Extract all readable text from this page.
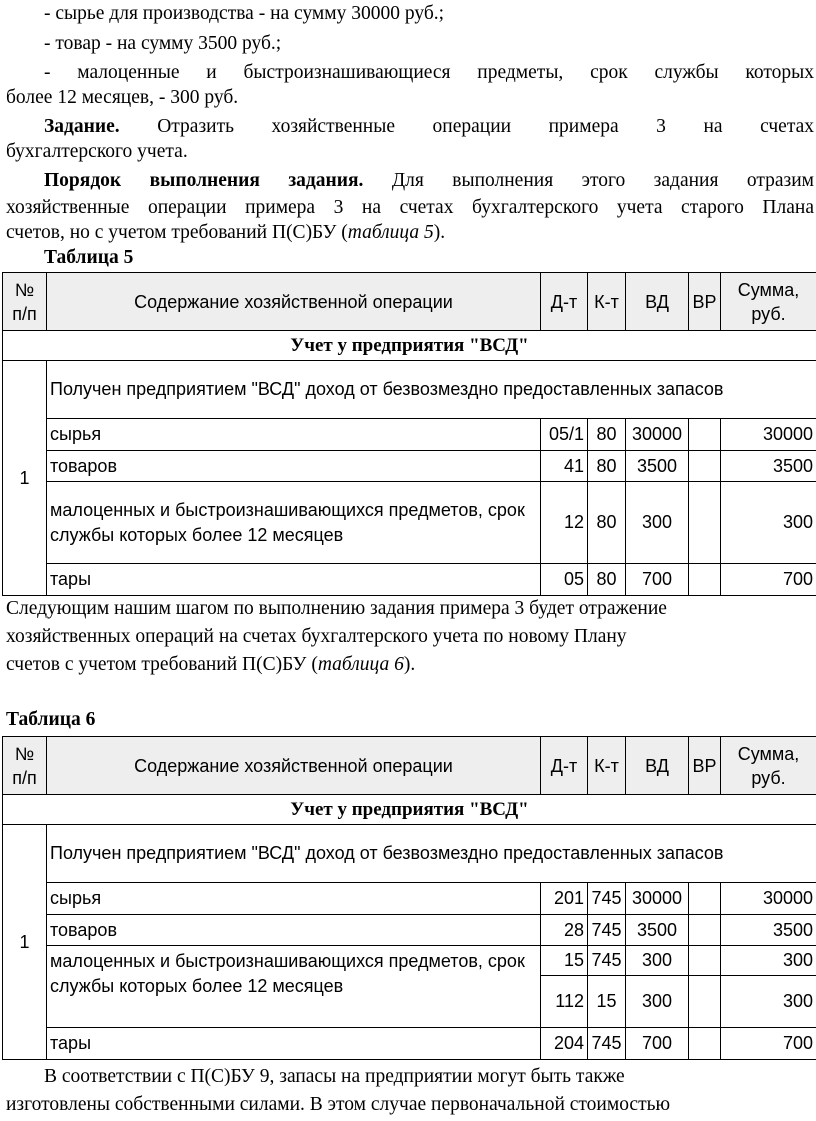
- сырье для производства - на сумму 30000 руб.;
- товар - на сумму 3500 руб.;
- малоценные и быстроизнашивающиеся предметы, срок службы которых
более 12 месяцев, - 300 руб.
Задание. Отразить хозяйственные операции примера 3 на счетах
бухгалтерского учета.
Порядок выполнения задания. Для выполнения этого задания отразим
хозяйственные операции примера 3 на счетах бухгалтерского учета старого Плана
счетов, но с учетом требований П(С)БУ (таблица 5).
Таблица 5
№ п/п	Содержание хозяйственной операции	Д-т	К-т	ВД	ВР	Сумма, руб.
Учет у предприятия "ВСД"						
1	Получен предприятием "ВСД" доход от безвозмездно предоставленных запасов					
	сырья	05/1	80	30000		30000
	товаров	41	80	3500		3500
	малоценных и быстроизнашивающихся предметов, срок службы которых более 12 месяцев	12	80	300		300
	тары	05	80	700		700
Следующим нашим шагом по выполнению задания примера 3 будет отражение
хозяйственных операций на счетах бухгалтерского учета по новому Плану
счетов с учетом требований П(С)БУ (таблица 6).
Таблица 6
№ п/п	Содержание хозяйственной операции	Д-т	К-т	ВД	ВР	Сумма, руб.
Учет у предприятия "ВСД"						
1	Получен предприятием "ВСД" доход от безвозмездно предоставленных запасов					
	сырья	201	745	30000		30000
	товаров	28	745	3500		3500
	малоценных и быстроизнашивающихся предметов, срок службы которых более 12 месяцев	15	745	300		300
		112	15	300		300
	тары	204	745	700		700
В соответствии с П(С)БУ 9, запасы на предприятии могут быть также
изготовлены собственными силами. В этом случае первоначальной стоимостью
